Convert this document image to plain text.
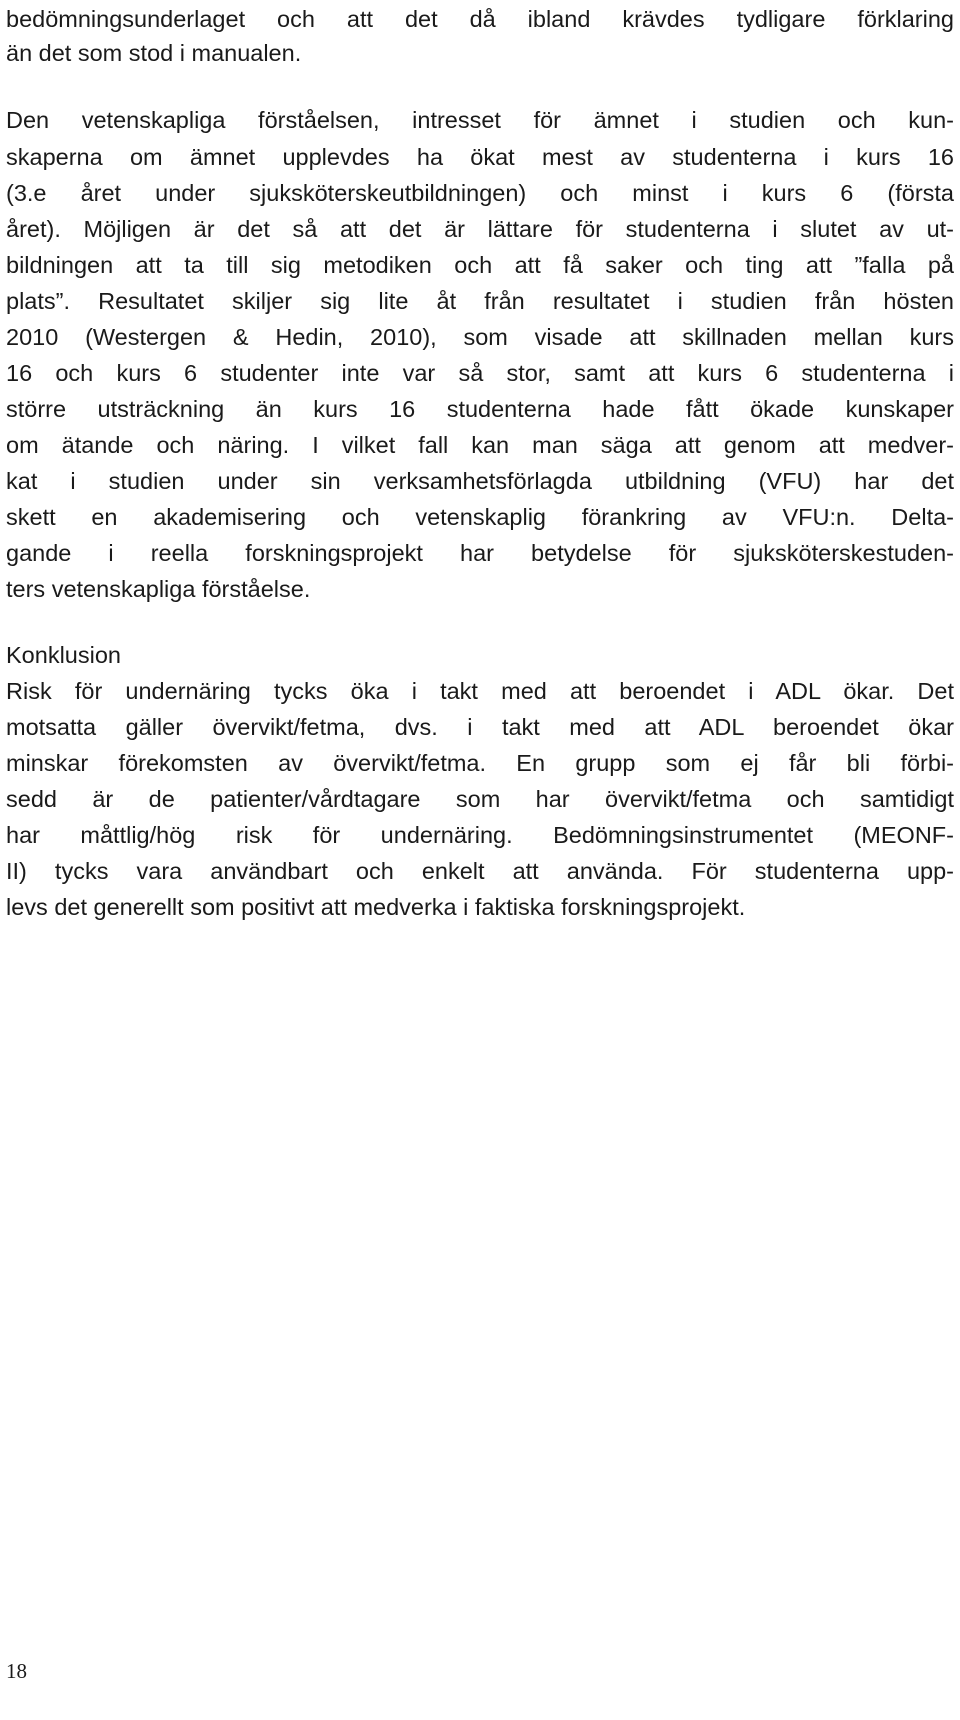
bedömningsunderlaget och att det då ibland krävdes tydligare förklaring
än det som stod i manualen.
Den vetenskapliga förståelsen, intresset för ämnet i studien och kun-
skaperna om ämnet upplevdes ha ökat mest av studenterna i kurs 16
(3.e året under sjuksköterskeutbildningen) och minst i kurs 6 (första
året). Möjligen är det så att det är lättare för studenterna i slutet av ut-
bildningen att ta till sig metodiken och att få saker och ting att ”falla på
plats”. Resultatet skiljer sig lite åt från resultatet i studien från hösten
2010 (Westergen & Hedin, 2010), som visade att skillnaden mellan kurs
16 och kurs 6 studenter inte var så stor, samt att kurs 6 studenterna i
större utsträckning än kurs 16 studenterna hade fått ökade kunskaper
om ätande och näring. I vilket fall kan man säga att genom att medver-
kat i studien under sin verksamhetsförlagda utbildning (VFU) har det
skett en akademisering och vetenskaplig förankring av VFU:n. Delta-
gande i reella forskningsprojekt har betydelse för sjuksköterskestuden-
ters vetenskapliga förståelse.
Konklusion
Risk för undernäring tycks öka i takt med att beroendet i ADL ökar. Det
motsatta gäller övervikt/fetma, dvs. i takt med att ADL beroendet ökar
minskar förekomsten av övervikt/fetma. En grupp som ej får bli förbi-
sedd är de patienter/vårdtagare som har övervikt/fetma och samtidigt
har måttlig/hög risk för undernäring. Bedömningsinstrumentet (MEONF-
II) tycks vara användbart och enkelt att använda. För studenterna upp-
levs det generellt som positivt att medverka i faktiska forskningsprojekt.
18
